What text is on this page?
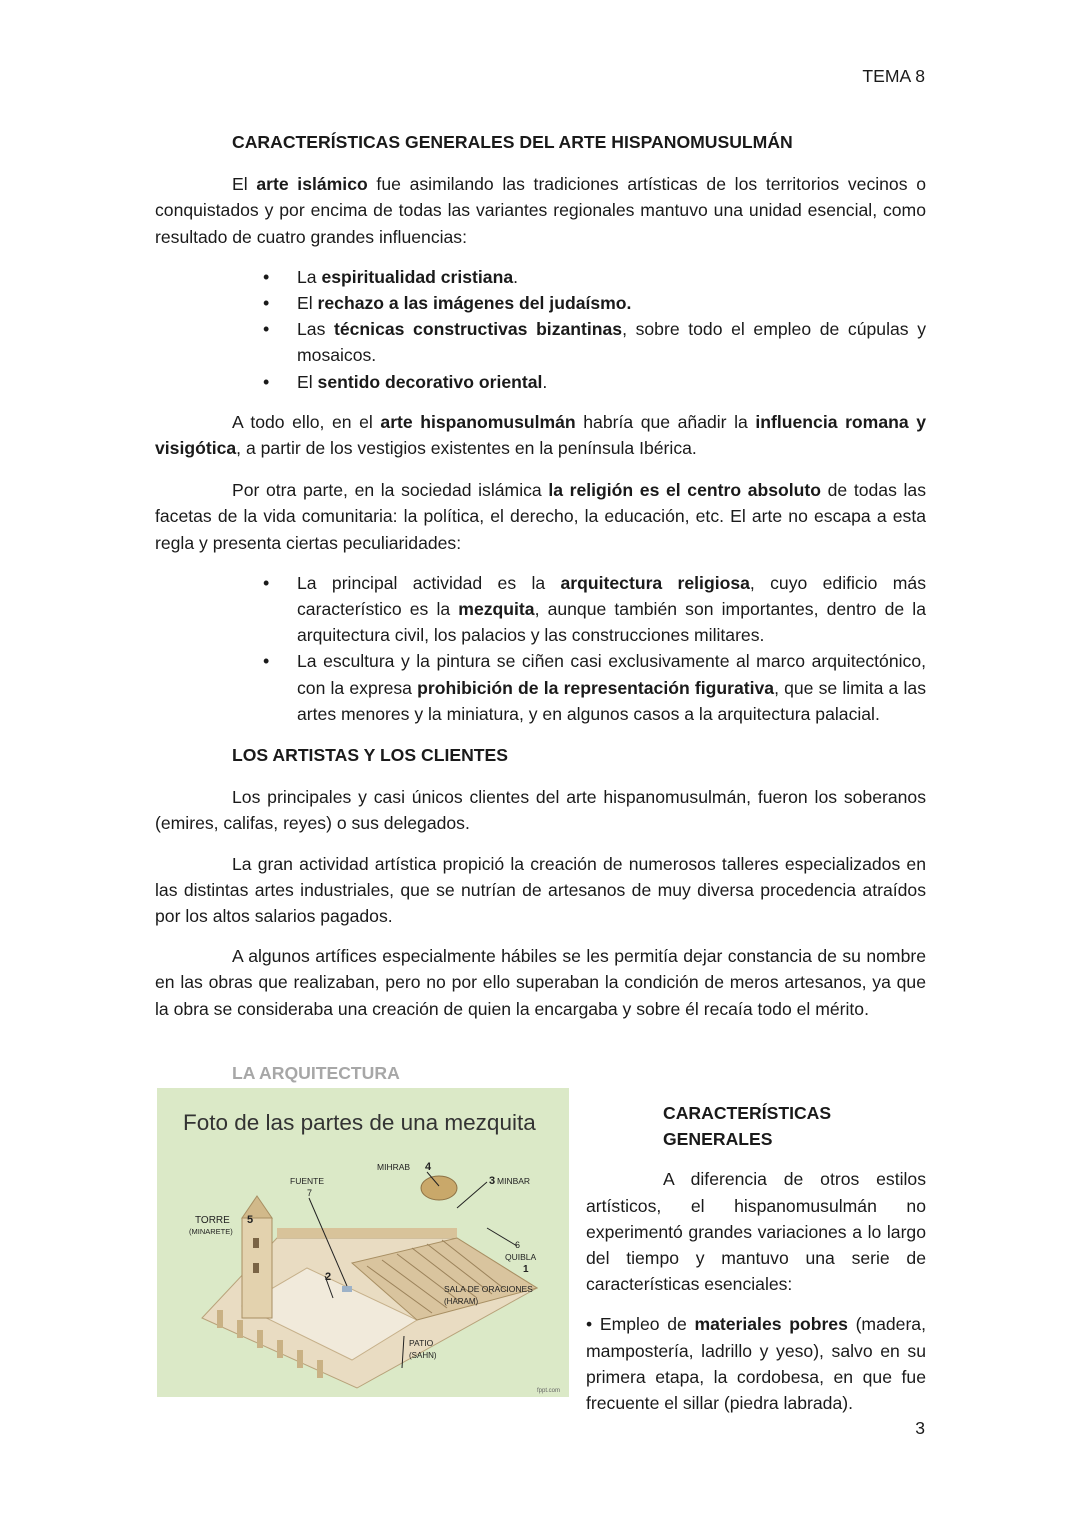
TEMA 8
CARACTERÍSTICAS GENERALES DEL ARTE HISPANOMUSULMÁN

El arte islámico fue asimilando las tradiciones artísticas de los territorios vecinos o conquistados y por encima de todas las variantes regionales mantuvo una unidad esencial, como resultado de cuatro grandes influencias:

• La espiritualidad cristiana.
• El rechazo a las imágenes del judaísmo.
• Las técnicas constructivas bizantinas, sobre todo el empleo de cúpulas y mosaicos.
• El sentido decorativo oriental.

A todo ello, en el arte hispanomusulmán habría que añadir la influencia romana y visigótica, a partir de los vestigios existentes en la península Ibérica.

Por otra parte, en la sociedad islámica la religión es el centro absoluto de todas las facetas de la vida comunitaria: la política, el derecho, la educación, etc. El arte no escapa a esta regla y presenta ciertas peculiaridades:

• La principal actividad es la arquitectura religiosa, cuyo edificio más característico es la mezquita, aunque también son importantes, dentro de la arquitectura civil, los palacios y las construcciones militares.
• La escultura y la pintura se ciñen casi exclusivamente al marco arquitectónico, con la expresa prohibición de la representación figurativa, que se limita a las artes menores y la miniatura, y en algunos casos a la arquitectura palacial.
LOS ARTISTAS Y LOS CLIENTES

Los principales y casi únicos clientes del arte hispanomusulmán, fueron los soberanos (emires, califas, reyes) o sus delegados.

La gran actividad artística propició la creación de numerosos talleres especializados en las distintas artes industriales, que se nutrían de artesanos de muy diversa procedencia atraídos por los altos salarios pagados.

A algunos artífices especialmente hábiles se les permitía dejar constancia de su nombre en las obras que realizaban, pero no por ello superaban la condición de meros artesanos, ya que la obra se consideraba una creación de quien la encargaba y sobre él recaía todo el mérito.

LA ARQUITECTURA
Foto de las partes de una mezquita
MIHRAB 4
3 MINBAR
FUENTE
7
TORRE
(MINARETE)
5
6
QUIBLA
1
SALA DE ORACIONES
(HARAM)
2
PATIO
(SAHN)
fppt.com
CARACTERÍSTICAS GENERALES

A diferencia de otros estilos artísticos, el hispanomusulmán no experimentó grandes variaciones a lo largo del tiempo y mantuvo una serie de características esenciales:

• Empleo de materiales pobres (madera, mampostería, ladrillo y yeso), salvo en su primera etapa, la cordobesa, en que fue frecuente el sillar (piedra labrada).

3
